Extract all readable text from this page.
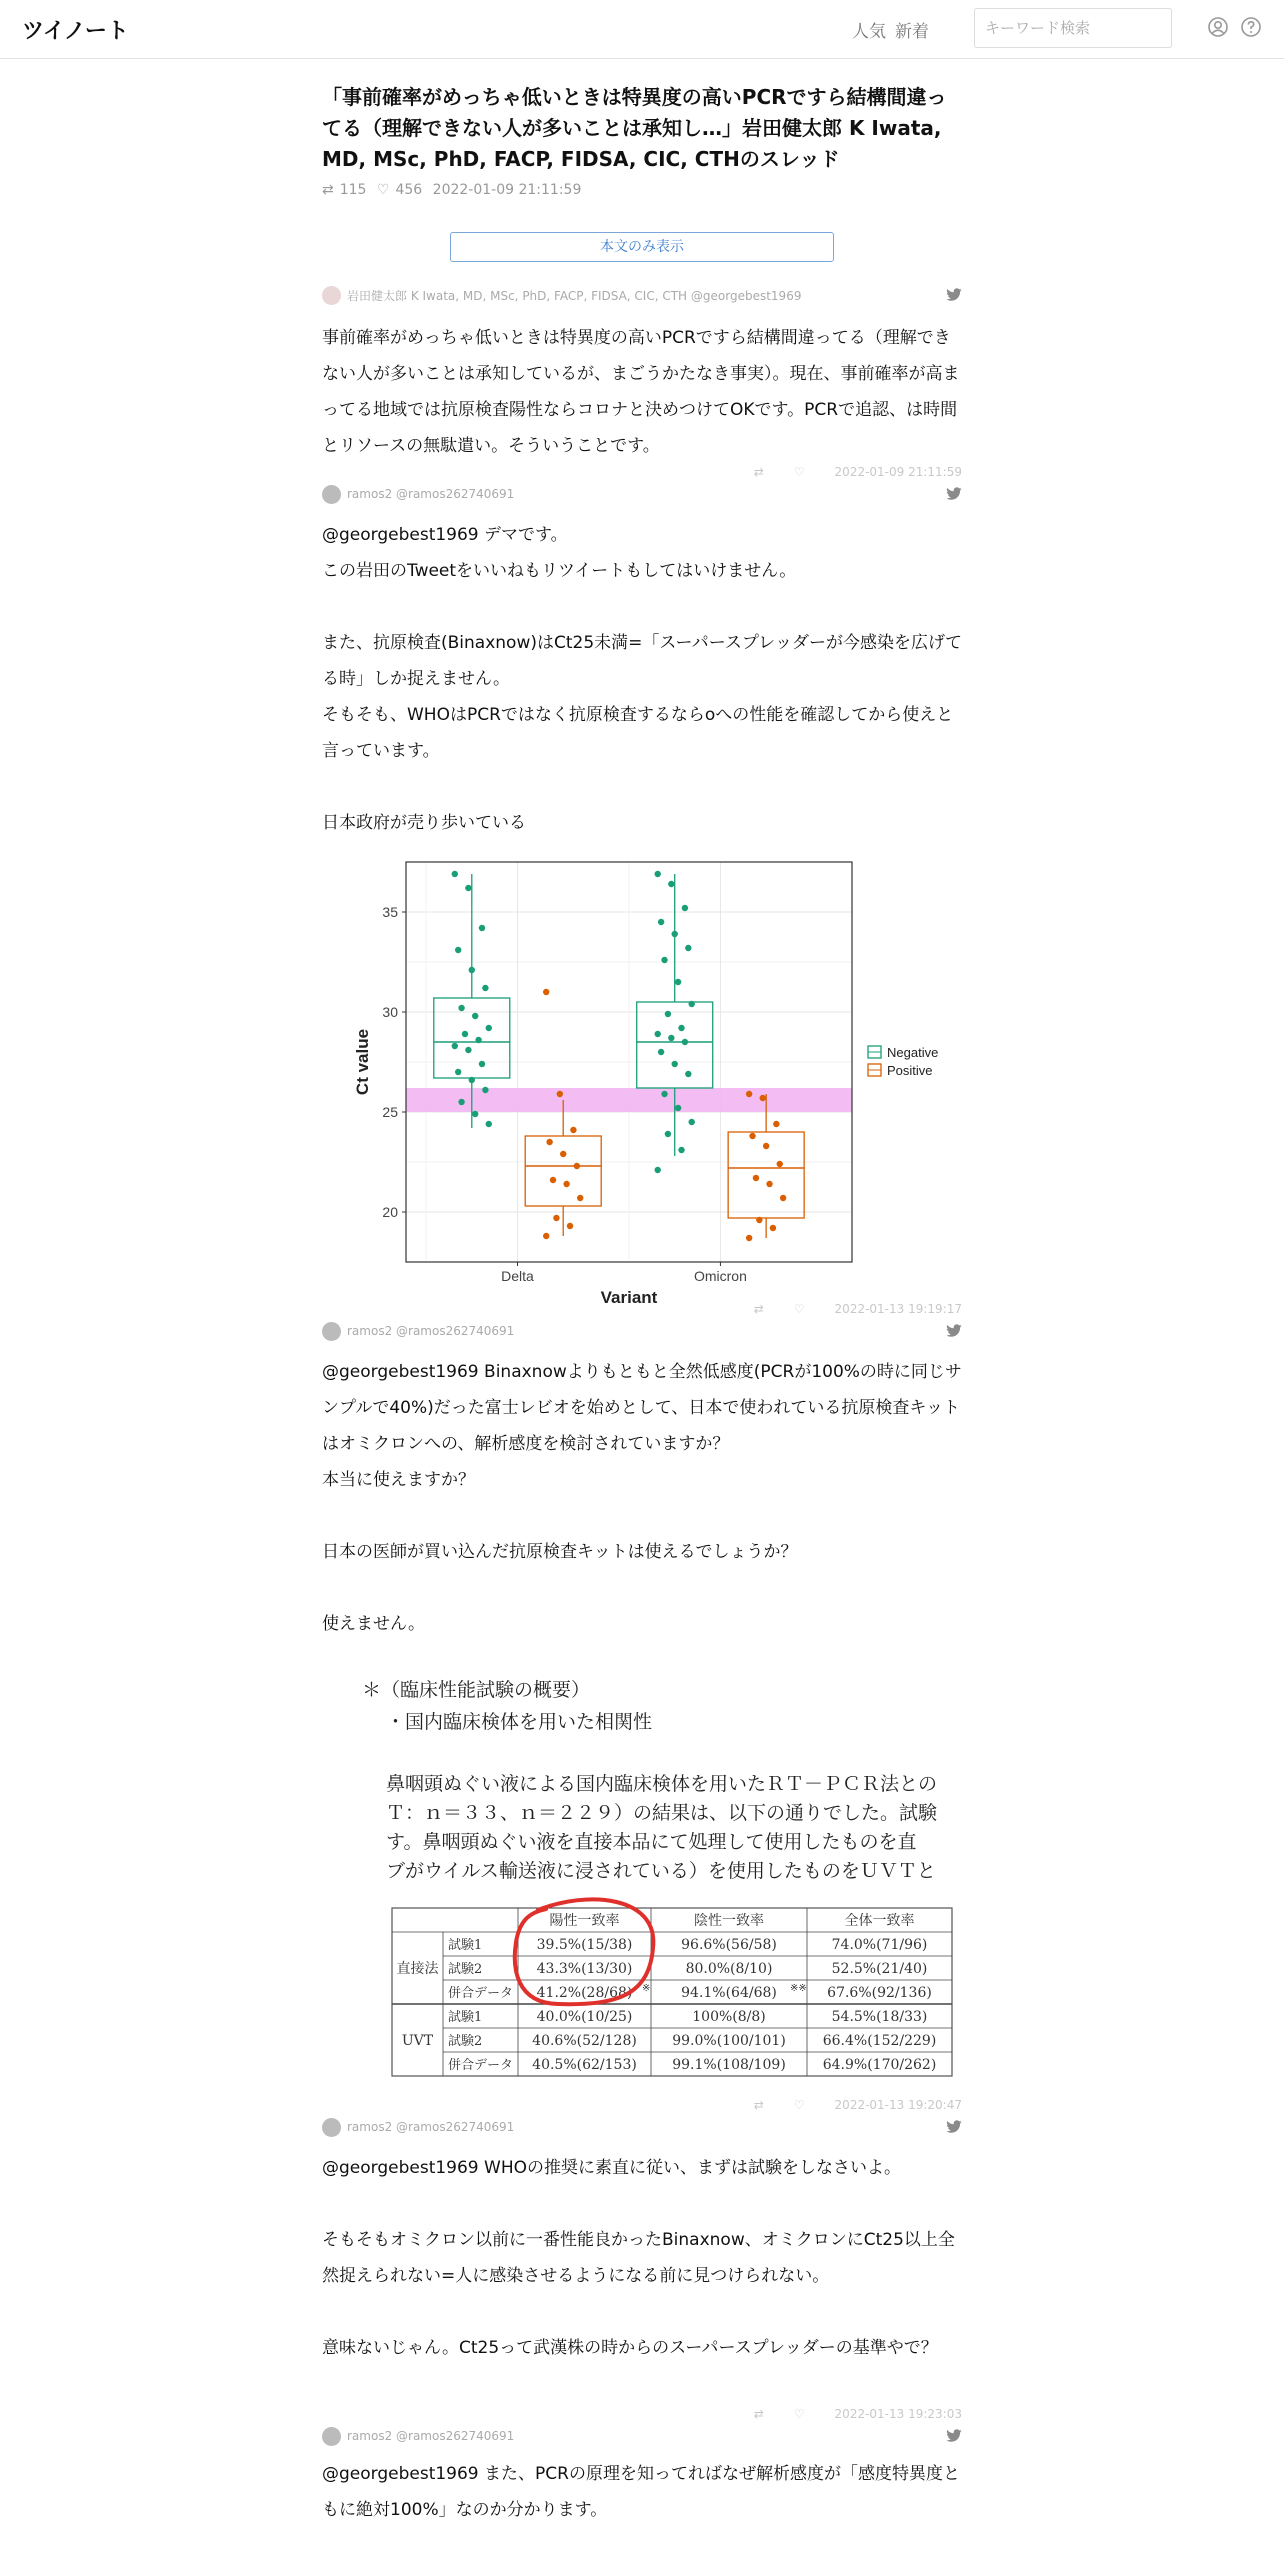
ツイノート	人気 新着
キーワード検索
「事前確率がめっちゃ低いときは特異度の高いPCRですら結構間違ってる（理解できない人が多いことは承知し…」岩田健太郎 K Iwata, MD, MSc, PhD, FACP, FIDSA, CIC, CTHのスレッド
⇄ 115 ♡ 456 2022-01-09 21:11:59
本文のみ表示
岩田健太郎 K Iwata, MD, MSc, PhD, FACP, FIDSA, CIC, CTH @georgebest1969
事前確率がめっちゃ低いときは特異度の高いPCRですら結構間違ってる（理解できない人が多いことは承知しているが、まごうかたなき事実）。現在、事前確率が高まってる地域では抗原検査陽性ならコロナと決めつけてOKです。PCRで追認、は時間とリソースの無駄遣い。そういうことです。
⇄	♡	2022-01-09 21:11:59
ramos2 @ramos262740691
@georgebest1969 デマです。
この岩田のTweetをいいねもリツイートもしてはいけません。

また、抗原検査(Binaxnow)はCt25未満=「スーパースプレッダーが今感染を広げてる時」しか捉えません。
そもそも、WHOはPCRではなく抗原検査するならoへの性能を確認してから使えと言っています。

日本政府が売り歩いている
20
25
30
35
Delta	Omicron
Variant
Ct value	Negative
Positive
⇄	♡	2022-01-13 19:19:17
ramos2 @ramos262740691
@georgebest1969 Binaxnowよりもともと全然低感度(PCRが100%の時に同じサンプルで40%)だった富士レビオを始めとして、日本で使われている抗原検査キットはオミクロンへの、解析感度を検討されていますか？
本当に使えますか？

日本の医師が買い込んだ抗原検査キットは使えるでしょうか？

使えません。
＊（臨床性能試験の概要）
・国内臨床検体を用いた相関性
鼻咽頭ぬぐい液による国内臨床検体を用いたＲＴ－ＰＣＲ法との
Ｔ：ｎ＝３３、ｎ＝２２９）の結果は、以下の通りでした。試験
す。鼻咽頭ぬぐい液を直接本品にて処理して使用したものを直
ブがウイルス輸送液に浸されている）を使用したものをＵＶＴと
陽性一致率	陰性一致率	全体一致率
直接法
試験1	39.5%(15/38)	96.6%(56/58)	74.0%(71/96)
試験2	43.3%(13/30)	80.0%(8/10)	52.5%(21/40)
併合データ 41.2%(28/68)	94.1%(64/68)	67.6%(92/136)
UVT
試験1	40.0%(10/25)	100%(8/8)	54.5%(18/33)
試験2	40.6%(52/128)	99.0%(100/101)	66.4%(152/229)
併合データ 40.5%(62/153)	99.1%(108/109)	64.9%(170/262)
※	※※
⇄	♡	2022-01-13 19:20:47
ramos2 @ramos262740691
@georgebest1969 WHOの推奨に素直に従い、まずは試験をしなさいよ。

そもそもオミクロン以前に一番性能良かったBinaxnow、オミクロンにCt25以上全然捉えられない=人に感染させるようになる前に見つけられない。

意味ないじゃん。Ct25って武漢株の時からのスーパースプレッダーの基準やで？
⇄	♡	2022-01-13 19:23:03
ramos2 @ramos262740691
@georgebest1969 また、PCRの原理を知ってればなぜ解析感度が「感度特異度ともに絶対100%」なのか分かります。
